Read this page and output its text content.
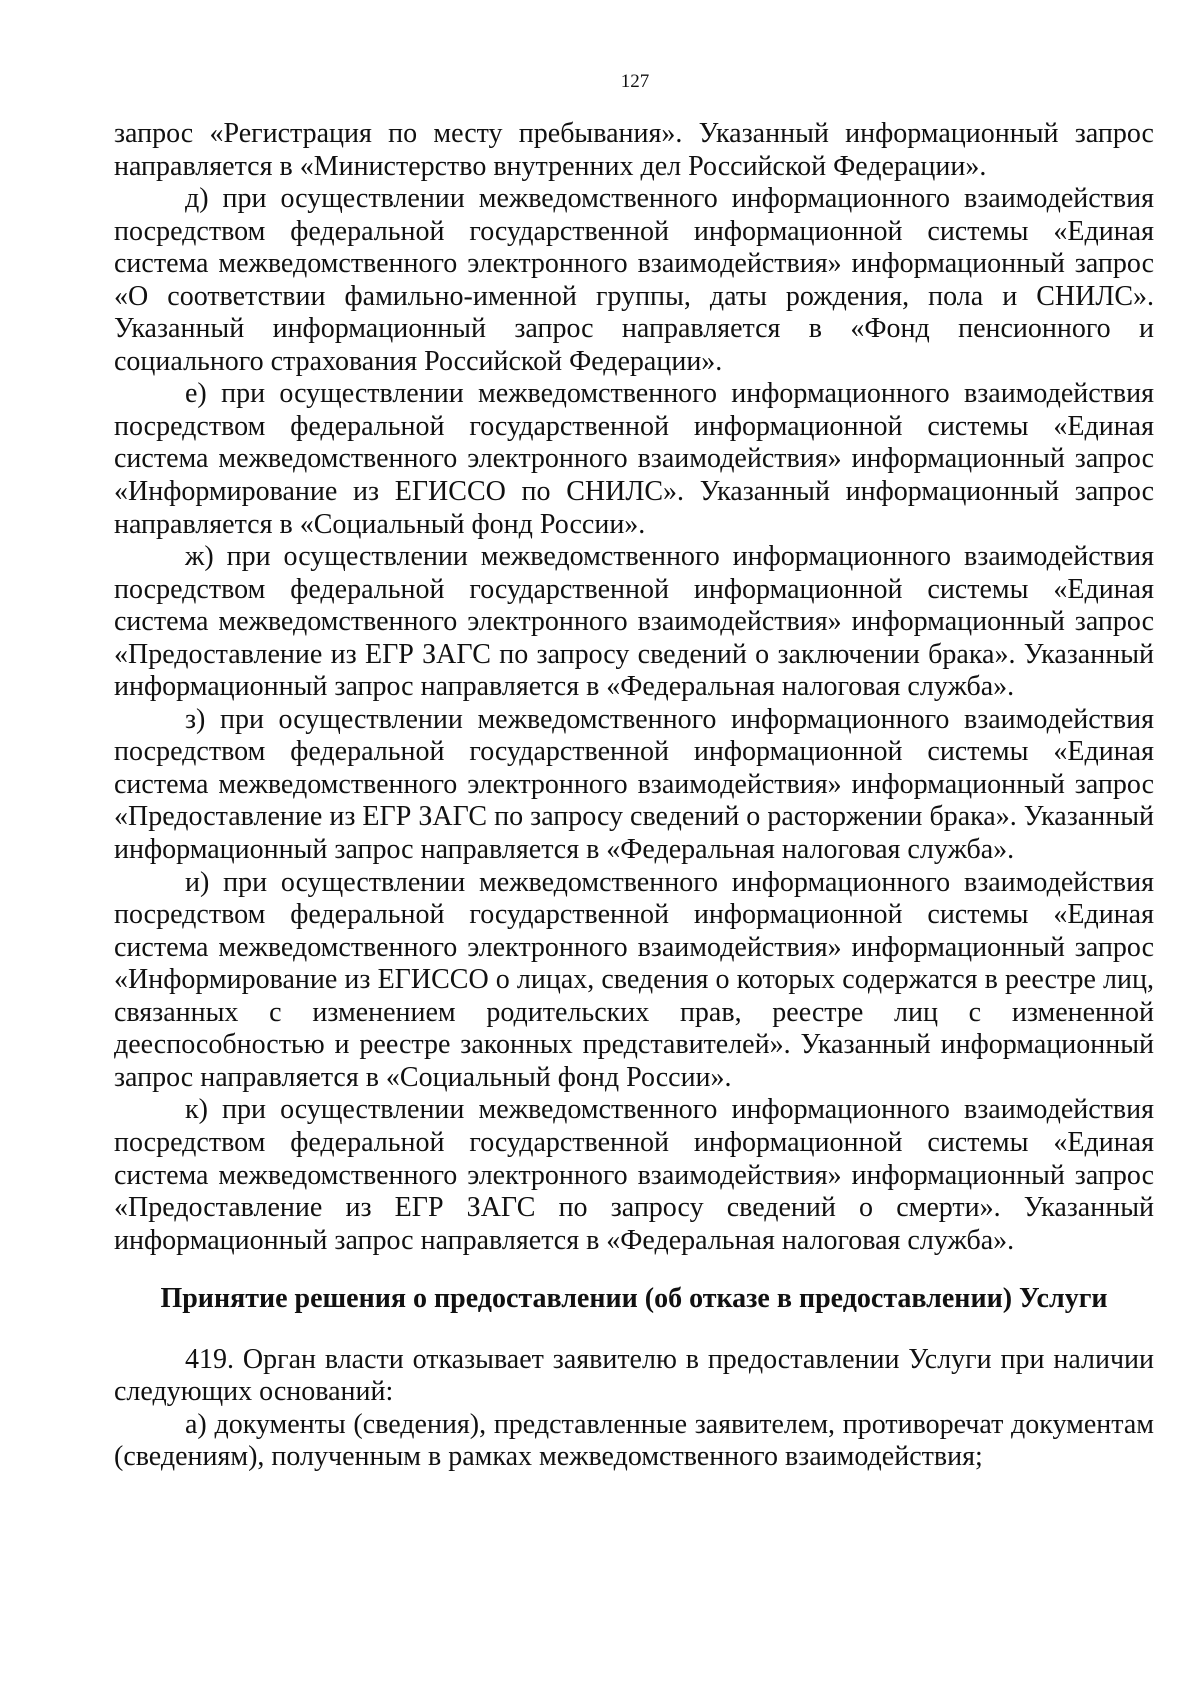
127

запрос «Регистрация по месту пребывания». Указанный информационный запрос направляется в «Министерство внутренних дел Российской Федерации».

д) при осуществлении межведомственного информационного взаимодействия посредством федеральной государственной информационной системы «Единая система межведомственного электронного взаимодействия» информационный запрос «О соответствии фамильно-именной группы, даты рождения, пола и СНИЛС». Указанный информационный запрос направляется в «Фонд пенсионного и социального страхования Российской Федерации».

е) при осуществлении межведомственного информационного взаимодействия посредством федеральной государственной информационной системы «Единая система межведомственного электронного взаимодействия» информационный запрос «Информирование из ЕГИССО по СНИЛС». Указанный информационный запрос направляется в «Социальный фонд России».

ж) при осуществлении межведомственного информационного взаимодействия посредством федеральной государственной информационной системы «Единая система межведомственного электронного взаимодействия» информационный запрос «Предоставление из ЕГР ЗАГС по запросу сведений о заключении брака». Указанный информационный запрос направляется в «Федеральная налоговая служба».

з) при осуществлении межведомственного информационного взаимодействия посредством федеральной государственной информационной системы «Единая система межведомственного электронного взаимодействия» информационный запрос «Предоставление из ЕГР ЗАГС по запросу сведений о расторжении брака». Указанный информационный запрос направляется в «Федеральная налоговая служба».

и) при осуществлении межведомственного информационного взаимодействия посредством федеральной государственной информационной системы «Единая система межведомственного электронного взаимодействия» информационный запрос «Информирование из ЕГИССО о лицах, сведения о которых содержатся в реестре лиц, связанных с изменением родительских прав, реестре лиц с измененной дееспособностью и реестре законных представителей». Указанный информационный запрос направляется в «Социальный фонд России».

к) при осуществлении межведомственного информационного взаимодействия посредством федеральной государственной информационной системы «Единая система межведомственного электронного взаимодействия» информационный запрос «Предоставление из ЕГР ЗАГС по запросу сведений о смерти». Указанный информационный запрос направляется в «Федеральная налоговая служба».

Принятие решения о предоставлении (об отказе в предоставлении) Услуги

419. Орган власти отказывает заявителю в предоставлении Услуги при наличии следующих оснований:

а) документы (сведения), представленные заявителем, противоречат документам (сведениям), полученным в рамках межведомственного взаимодействия;
